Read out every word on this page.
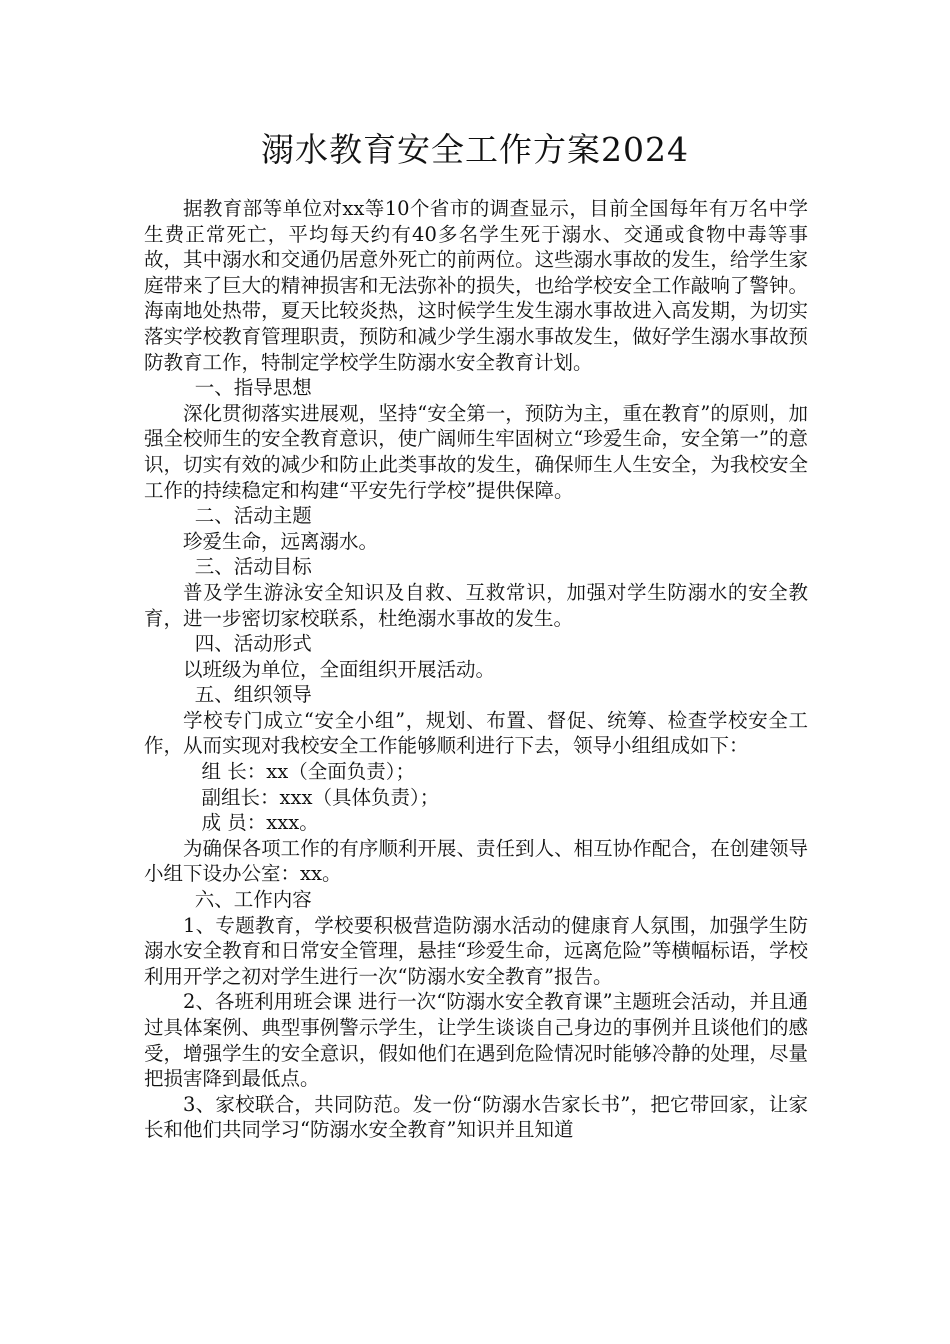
溺水教育安全工作方案2024

据教育部等单位对xx等10个省市的调查显示，目前全国每年有万名中学生费正常死亡，平均每天约有40多名学生死于溺水、交通或食物中毒等事故，其中溺水和交通仍居意外死亡的前两位。这些溺水事故的发生，给学生家庭带来了巨大的精神损害和无法弥补的损失，也给学校安全工作敲响了警钟。海南地处热带，夏天比较炎热，这时候学生发生溺水事故进入高发期，为切实落实学校教育管理职责，预防和减少学生溺水事故发生，做好学生溺水事故预防教育工作，特制定学校学生防溺水安全教育计划。

一、指导思想

深化贯彻落实进展观，坚持“安全第一，预防为主，重在教育”的原则，加强全校师生的安全教育意识，使广阔师生牢固树立“珍爱生命，安全第一”的意识，切实有效的减少和防止此类事故的发生，确保师生人生安全，为我校安全工作的持续稳定和构建“平安先行学校”提供保障。

二、活动主题

珍爱生命，远离溺水。

三、活动目标

普及学生游泳安全知识及自救、互救常识，加强对学生防溺水的安全教育，进一步密切家校联系，杜绝溺水事故的发生。

四、活动形式

以班级为单位，全面组织开展活动。

五、组织领导

学校专门成立“安全小组”，规划、布置、督促、统筹、检查学校安全工作，从而实现对我校安全工作能够顺利进行下去，领导小组组成如下：

组 长：xx（全面负责）；

副组长：xxx（具体负责）；

成 员：xxx。

为确保各项工作的有序顺利开展、责任到人、相互协作配合，在创建领导小组下设办公室：xx。

六、工作内容

1、专题教育，学校要积极营造防溺水活动的健康育人氛围，加强学生防溺水安全教育和日常安全管理，悬挂“珍爱生命，远离危险”等横幅标语，学校利用开学之初对学生进行一次“防溺水安全教育”报告。

2、各班利用班会课 进行一次“防溺水安全教育课”主题班会活动，并且通过具体案例、典型事例警示学生，让学生谈谈自己身边的事例并且谈他们的感受，增强学生的安全意识，假如他们在遇到危险情况时能够冷静的处理，尽量把损害降到最低点。

3、家校联合，共同防范。发一份“防溺水告家长书”，把它带回家，让家长和他们共同学习“防溺水安全教育”知识并且知道
